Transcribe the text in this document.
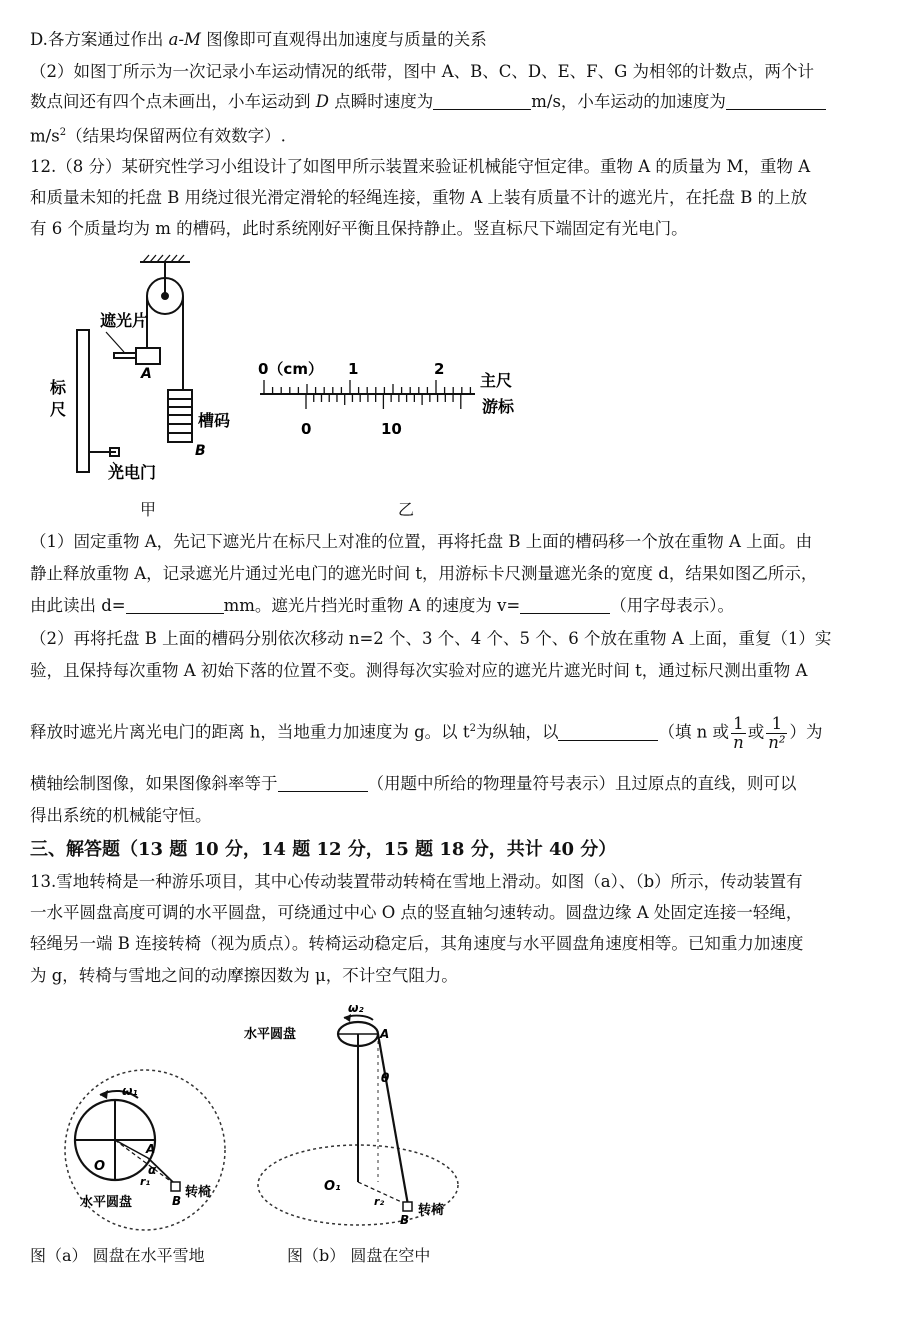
D.各方案通过作出 a-M 图像即可直观得出加速度与质量的关系
（2）如图丁所示为一次记录小车运动情况的纸带，图中 A、B、C、D、E、F、G 为相邻的计数点，两个计
数点间还有四个点未画出，小车运动到 D 点瞬时速度为	m/s，小车运动的加速度为
$m/s^2$（结果均保留两位有效数字）.
12.（8 分）某研究性学习小组设计了如图甲所示装置来验证机械能守恒定律。重物 A 的质量为 M，重物 A
和质量未知的托盘 B 用绕过很光滑定滑轮的轻绳连接，重物 A 上装有质量不计的遮光片，在托盘 B 的上放
有 6 个质量均为 m 的槽码，此时系统刚好平衡且保持静止。竖直标尺下端固定有光电门。
遮光片
A
标
尺
槽码
B
光电门
甲
0（cm） 1	2
主尺
游标
0	10
乙
（1）固定重物 A，先记下遮光片在标尺上对准的位置，再将托盘 B 上面的槽码移一个放在重物 A 上面。由
静止释放重物 A，记录遮光片通过光电门的遮光时间 t，用游标卡尺测量遮光条的宽度 d，结果如图乙所示，
由此读出 d=	mm。遮光片挡光时重物 A 的速度为 v=	（用字母表示）。
（2）再将托盘 B 上面的槽码分别依次移动 n=2 个、3 个、4 个、5 个、6 个放在重物 A 上面，重复（1）实
验，且保持每次重物 A 初始下落的位置不变。测得每次实验对应的遮光片遮光时间 t，通过标尺测出重物 A
释放时遮光片离光电门的距离 h，当地重力加速度为 g。以 $t^2$为纵轴，以	（填 n 或 $\frac{1}{n}$ 或 $\frac{1}{\text{n²}}$ ）为
横轴绘制图像，如果图像斜率等于	（用题中所给的物理量符号表示）且过原点的直线，则可以
得出系统的机械能守恒。
三、解答题（13 题 10 分，14 题 12 分，15 题 18 分，共计 40 分）
13.雪地转椅是一种游乐项目，其中心传动装置带动转椅在雪地上滑动。如图（a）、（b）所示，传动装置有
一水平圆盘高度可调的水平圆盘，可绕通过中心 O 点的竖直轴匀速转动。圆盘边缘 A 处固定连接一轻绳，
轻绳另一端 B 连接转椅（视为质点）。转椅运动稳定后，其角速度与水平圆盘角速度相等。已知重力加速度
为 g，转椅与雪地之间的动摩擦因数为 μ，不计空气阻力。
ω₁
A
O	α
r₁
水平圆盘	B
转椅
图（a） 圆盘在水平雪地
ω₂
水平圆盘	A
θ
O₁
r₂
B
转椅
图（b） 圆盘在空中
